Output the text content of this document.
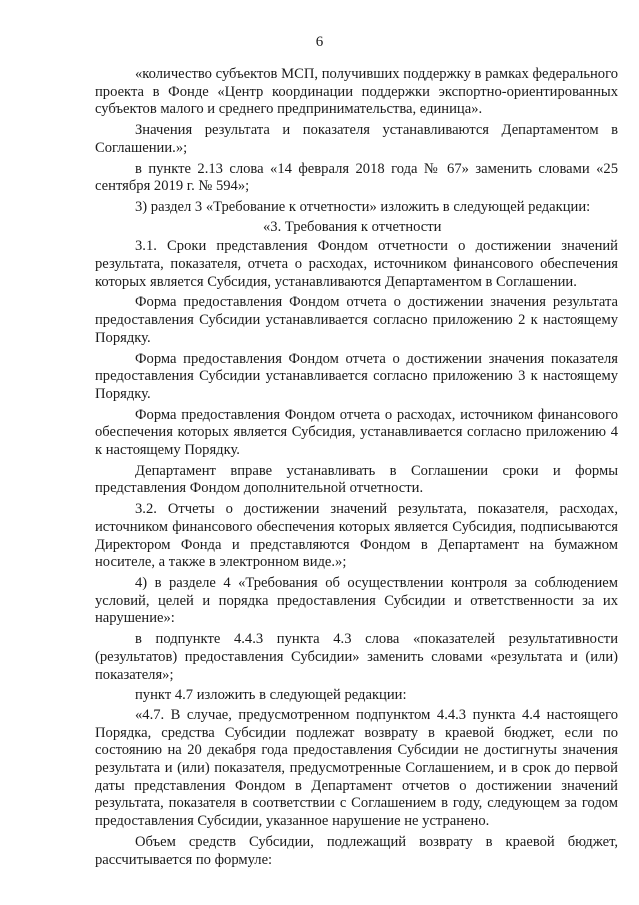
6

«количество субъектов МСП, получивших поддержку в рамках федерального проекта в Фонде «Центр координации поддержки экспортно-ориентированных субъектов малого и среднего предпринимательства, единица».

Значения результата и показателя устанавливаются Департаментом в Соглашении.»;

в пункте 2.13 слова «14 февраля 2018 года № 67» заменить словами «25 сентября 2019 г. № 594»;

3) раздел 3 «Требование к отчетности» изложить в следующей редакции:

«3. Требования к отчетности

3.1. Сроки представления Фондом отчетности о достижении значений результата, показателя, отчета о расходах, источником финансового обеспечения которых является Субсидия, устанавливаются Департаментом в Соглашении.

Форма предоставления Фондом отчета о достижении значения результата предоставления Субсидии устанавливается согласно приложению 2 к настоящему Порядку.

Форма предоставления Фондом отчета о достижении значения показателя предоставления Субсидии устанавливается согласно приложению 3 к настоящему Порядку.

Форма предоставления Фондом отчета о расходах, источником финансового обеспечения которых является Субсидия, устанавливается согласно приложению 4 к настоящему Порядку.

Департамент вправе устанавливать в Соглашении сроки и формы представления Фондом дополнительной отчетности.

3.2. Отчеты о достижении значений результата, показателя, расходах, источником финансового обеспечения которых является Субсидия, подписываются Директором Фонда и представляются Фондом в Департамент на бумажном носителе, а также в электронном виде.»;

4) в разделе 4 «Требования об осуществлении контроля за соблюдением условий, целей и порядка предоставления Субсидии и ответственности за их нарушение»:

в подпункте 4.4.3 пункта 4.3 слова «показателей результативности (результатов) предоставления Субсидии» заменить словами «результата и (или) показателя»;

пункт 4.7 изложить в следующей редакции:

«4.7. В случае, предусмотренном подпунктом 4.4.3 пункта 4.4 настоящего Порядка, средства Субсидии подлежат возврату в краевой бюджет, если по состоянию на 20 декабря года предоставления Субсидии не достигнуты значения результата и (или) показателя, предусмотренные Соглашением, и в срок до первой даты представления Фондом в Департамент отчетов о достижении значений результата, показателя в соответствии с Соглашением в году, следующем за годом предоставления Субсидии, указанное нарушение не устранено.

Объем средств Субсидии, подлежащий возврату в краевой бюджет, рассчитывается по формуле:
